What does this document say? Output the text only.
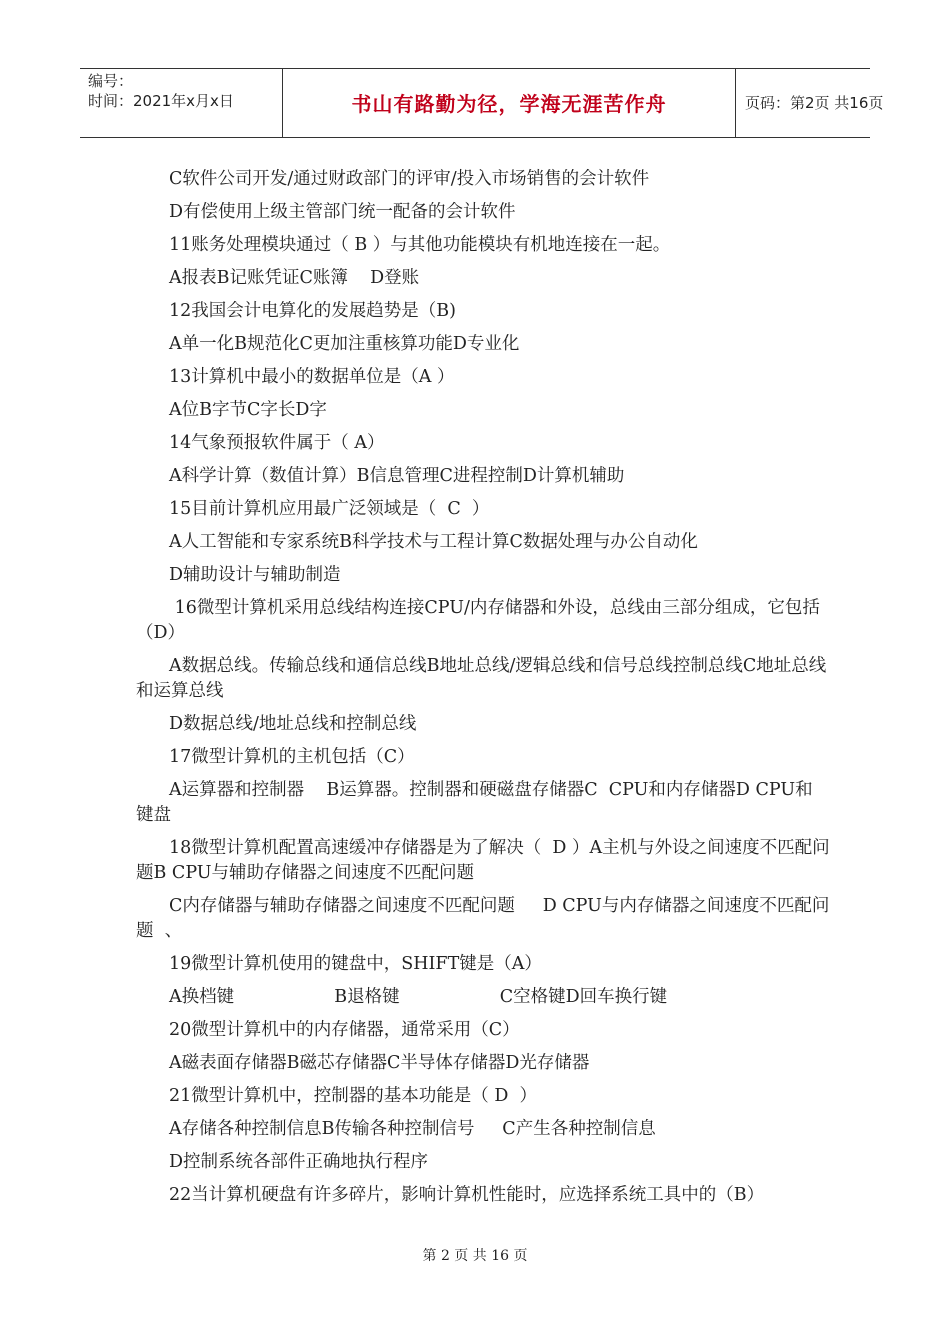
编号：
时间：2021年x月x日	书山有路勤为径，学海无涯苦作舟	页码：第2页 共16页

C软件公司开发/通过财政部门的评审/投入市场销售的会计软件

D有偿使用上级主管部门统一配备的会计软件

11账务处理模块通过（ B ）与其他功能模块有机地连接在一起。

A报表B记账凭证C账簿    D登账

12我国会计电算化的发展趋势是（B)

A单一化B规范化C更加注重核算功能D专业化

13计算机中最小的数据单位是（A ）

A位B字节C字长D字

14气象预报软件属于（ A）

A科学计算（数值计算）B信息管理C进程控制D计算机辅助

15目前计算机应用最广泛领域是（  C  ）

A人工智能和专家系统B科学技术与工程计算C数据处理与办公自动化

D辅助设计与辅助制造

16微型计算机采用总线结构连接CPU/内存储器和外设，总线由三部分组成，它包括（D）

A数据总线。传输总线和通信总线B地址总线/逻辑总线和信号总线控制总线C地址总线和运算总线

D数据总线/地址总线和控制总线

17微型计算机的主机包括（C）

A运算器和控制器    B运算器。控制器和硬磁盘存储器C  CPU和内存储器D CPU和键盘

18微型计算机配置高速缓冲存储器是为了解决（  D ）A主机与外设之间速度不匹配问题B CPU与辅助存储器之间速度不匹配问题

C内存储器与辅助存储器之间速度不匹配问题     D CPU与内存储器之间速度不匹配问题  、

19微型计算机使用的键盘中，SHIFT键是（A）

A换档键                  B退格键                  C空格键D回车换行键

20微型计算机中的内存储器，通常采用（C）

A磁表面存储器B磁芯存储器C半导体存储器D光存储器

21微型计算机中，控制器的基本功能是（ D  ）

A存储各种控制信息B传输各种控制信号     C产生各种控制信息

D控制系统各部件正确地执行程序

22当计算机硬盘有许多碎片，影响计算机性能时，应选择系统工具中的（B）

第 2 页 共 16 页
